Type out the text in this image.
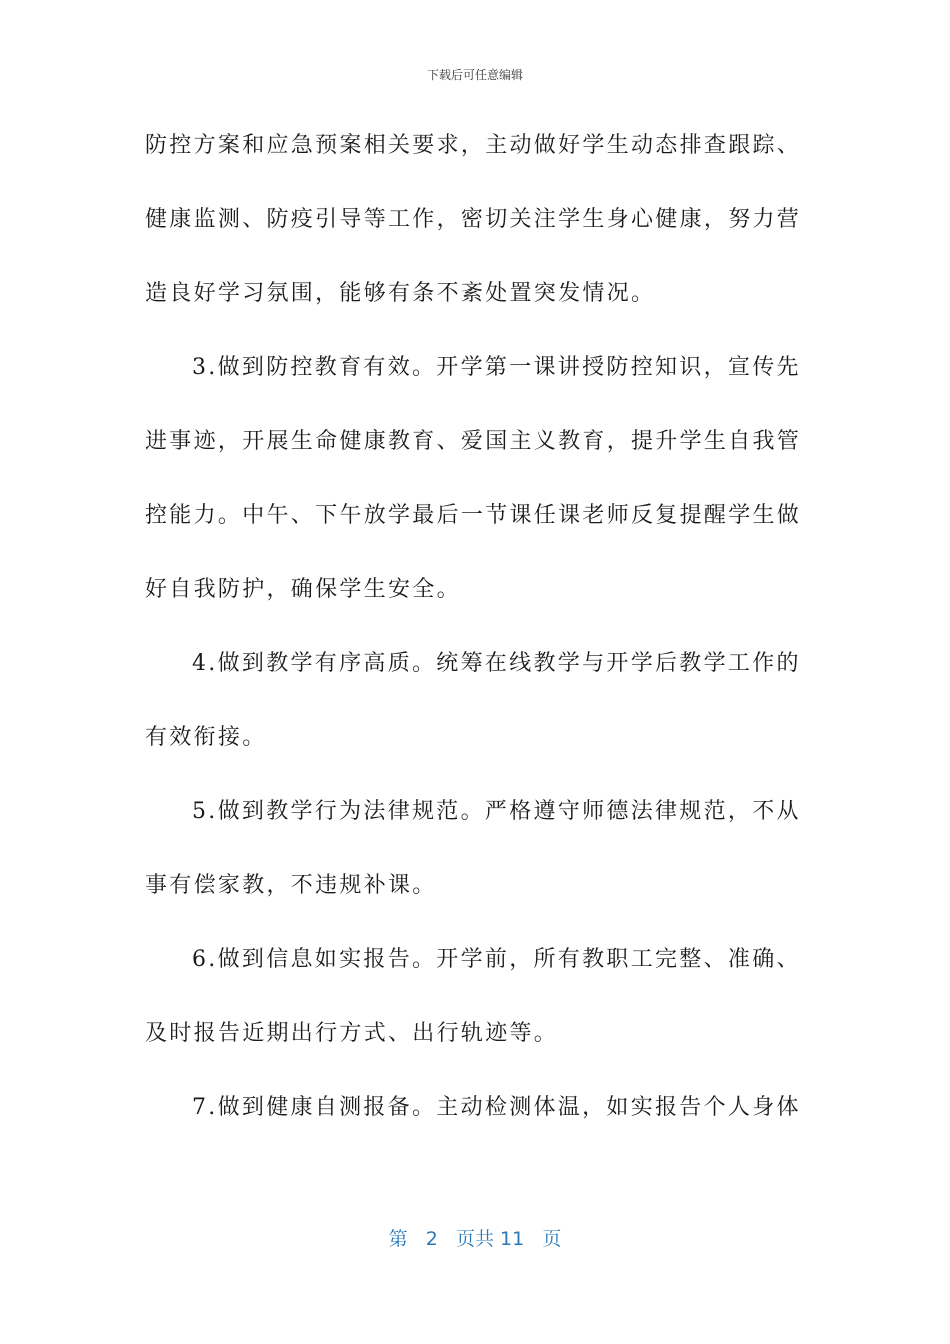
下载后可任意编辑
防控方案和应急预案相关要求，主动做好学生动态排查跟踪、
健康监测、防疫引导等工作，密切关注学生身心健康，努力营
造良好学习氛围，能够有条不紊处置突发情况。
3.做到防控教育有效。开学第一课讲授防控知识，宣传先
进事迹，开展生命健康教育、爱国主义教育，提升学生自我管
控能力。中午、下午放学最后一节课任课老师反复提醒学生做
好自我防护，确保学生安全。
4.做到教学有序高质。统筹在线教学与开学后教学工作的
有效衔接。
5.做到教学行为法律规范。严格遵守师德法律规范，不从
事有偿家教，不违规补课。
6.做到信息如实报告。开学前，所有教职工完整、准确、
及时报告近期出行方式、出行轨迹等。
7.做到健康自测报备。主动检测体温，如实报告个人身体
第 2 页共 11 页
